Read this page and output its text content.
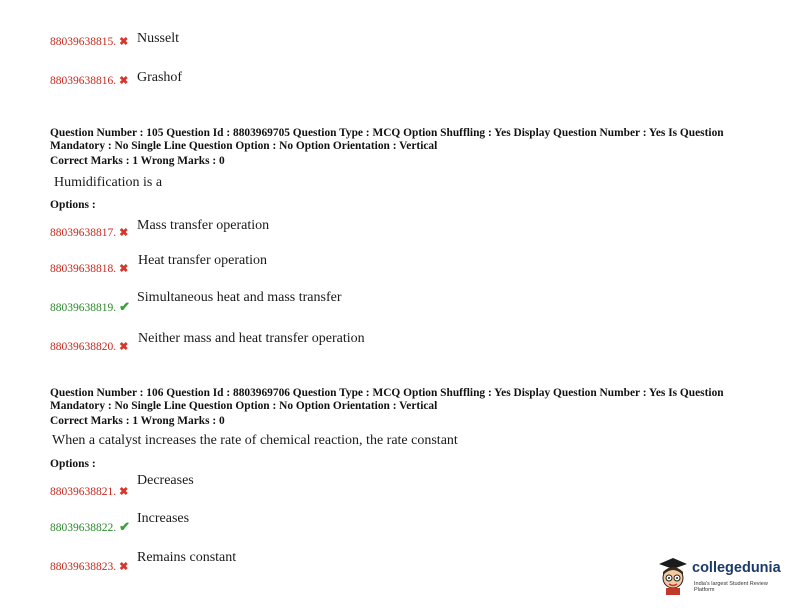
88039638815. ✖ Nusselt
88039638816. ✖ Grashof
Question Number : 105 Question Id : 8803969705 Question Type : MCQ Option Shuffling : Yes Display Question Number : Yes Is Question
Mandatory : No Single Line Question Option : No Option Orientation : Vertical
Correct Marks : 1 Wrong Marks : 0
Humidification is a
Options :
88039638817. ✖ Mass transfer operation
88039638818. ✖
Heat transfer operation
88039638819. ✔
Simultaneous heat and mass transfer
88039638820. ✖
Neither mass and heat transfer operation
Question Number : 106 Question Id : 8803969706 Question Type : MCQ Option Shuffling : Yes Display Question Number : Yes Is Question
Mandatory : No Single Line Question Option : No Option Orientation : Vertical
Correct Marks : 1 Wrong Marks : 0
When a catalyst increases the rate of chemical reaction, the rate constant
Options :
88039638821. ✖
Decreases
88039638822. ✔
Increases
88039638823. ✖
Remains constant
collegedunia
India's largest Student Review Platform
